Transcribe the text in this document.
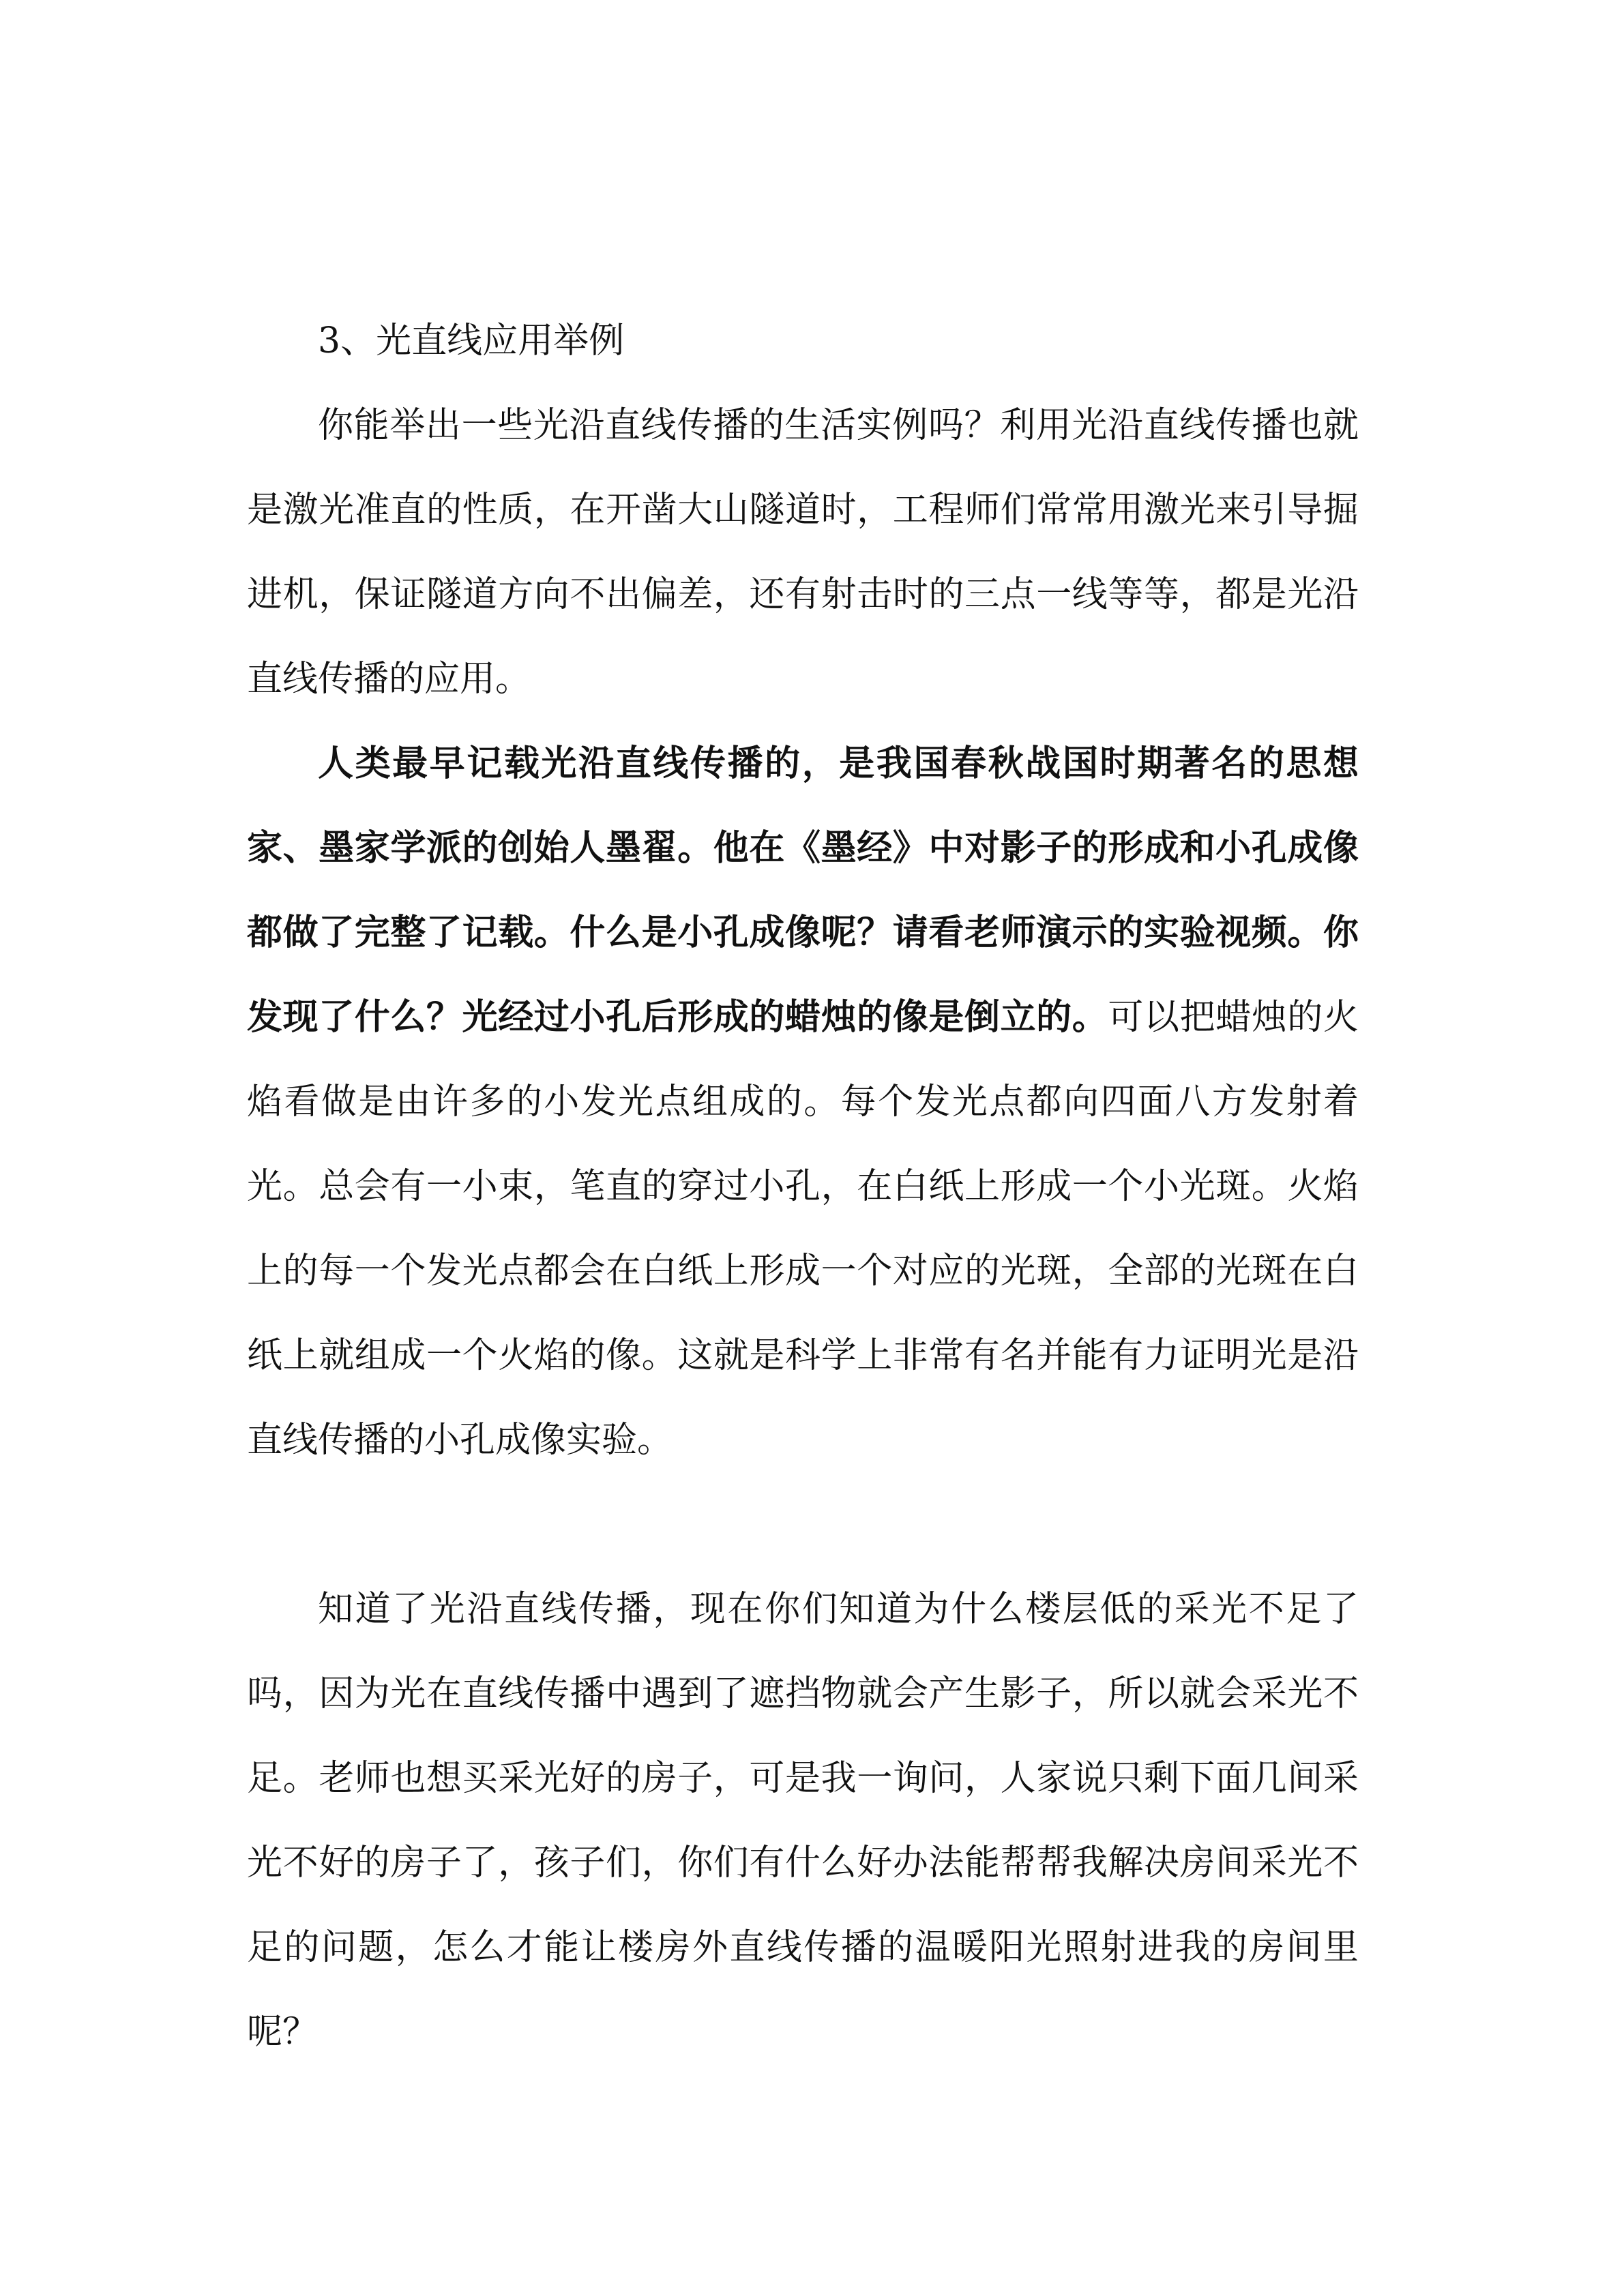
3、光直线应用举例

你能举出一些光沿直线传播的生活实例吗？利用光沿直线传播也就是激光准直的性质，在开凿大山隧道时，工程师们常常用激光来引导掘进机，保证隧道方向不出偏差，还有射击时的三点一线等等，都是光沿直线传播的应用。

人类最早记载光沿直线传播的，是我国春秋战国时期著名的思想家、墨家学派的创始人墨翟。他在《墨经》中对影子的形成和小孔成像都做了完整了记载。什么是小孔成像呢？请看老师演示的实验视频。你发现了什么？光经过小孔后形成的蜡烛的像是倒立的。可以把蜡烛的火焰看做是由许多的小发光点组成的。每个发光点都向四面八方发射着光。总会有一小束，笔直的穿过小孔，在白纸上形成一个小光斑。火焰上的每一个发光点都会在白纸上形成一个对应的光斑，全部的光斑在白纸上就组成一个火焰的像。这就是科学上非常有名并能有力证明光是沿直线传播的小孔成像实验。

知道了光沿直线传播，现在你们知道为什么楼层低的采光不足了吗，因为光在直线传播中遇到了遮挡物就会产生影子，所以就会采光不足。老师也想买采光好的房子，可是我一询问，人家说只剩下面几间采光不好的房子了，孩子们，你们有什么好办法能帮帮我解决房间采光不足的问题，怎么才能让楼房外直线传播的温暖阳光照射进我的房间里呢？
